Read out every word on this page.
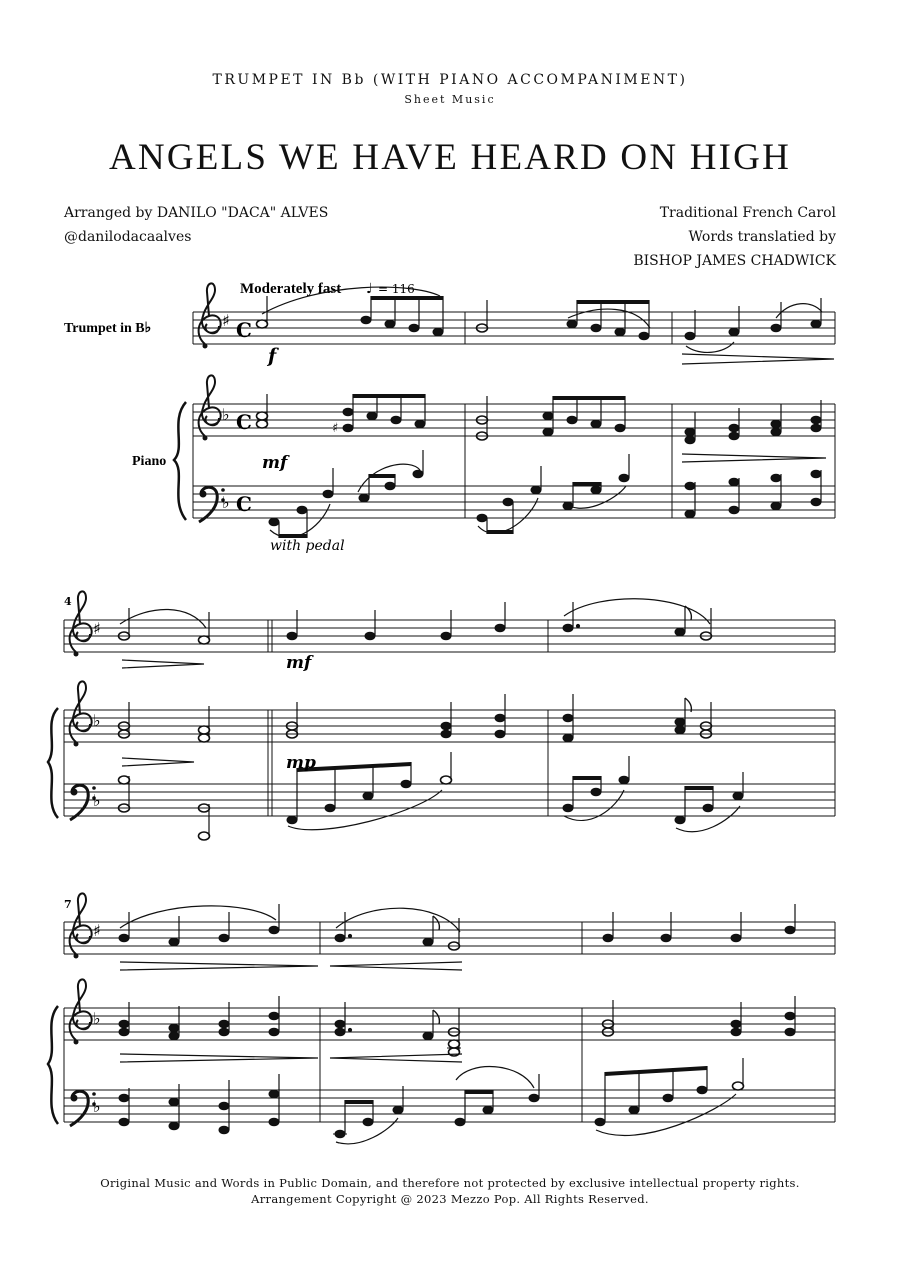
TRUMPET IN Bb (WITH PIANO ACCOMPANIMENT)
Sheet Music
ANGELS WE HAVE HEARD ON HIGH
Arranged by DANILO "DACA" ALVES
@danilodacaalves
Traditional French Carol
Words translatied by
BISHOP JAMES CHADWICK
Moderately fast ♩ = 116
Trumpet in B♭
Piano
♯ C
f
♭
♭
C
C
♯
mf
with pedal
4
♯
mf
♭
♭
mp
7
♯
♭
♭
Original Music and Words in Public Domain, and therefore not protected by exclusive intellectual property rights.
Arrangement Copyright @ 2023 Mezzo Pop. All Rights Reserved.
